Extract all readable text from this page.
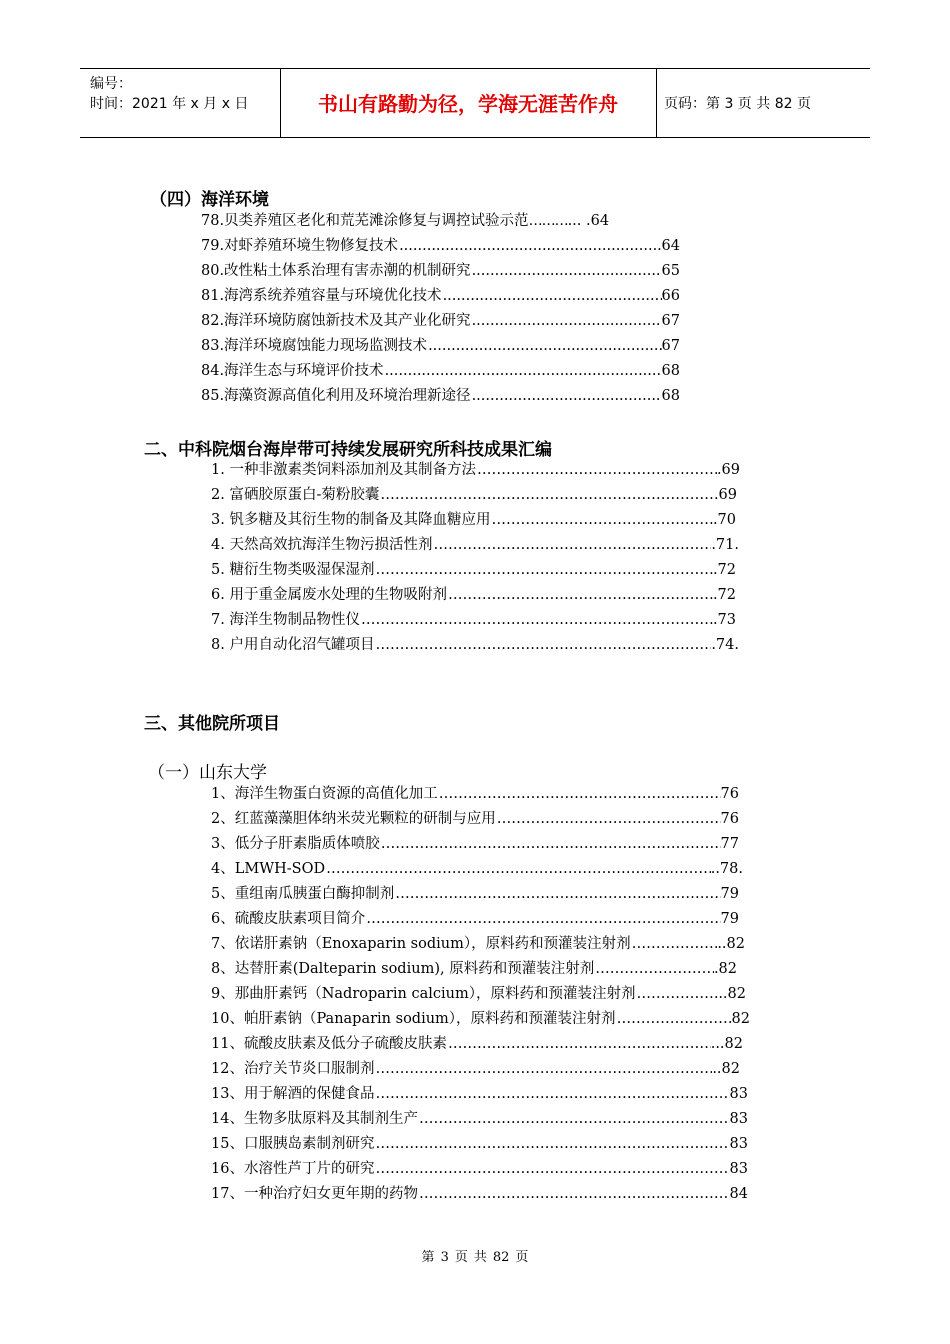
编号：
时间：2021 年 x 月 x 日	书山有路勤为径，学海无涯苦作舟	页码：第 3 页 共 82 页
（四）海洋环境
78.贝类养殖区老化和荒芜滩涂修复与调控试验示范 ……… ... .64
79.对虾养殖环境生物修复技术 .....	64
80.改性粘土体系治理有害赤潮的机制研究 .....	65
81.海湾系统养殖容量与环境优化技术 .....	66
82.海洋环境防腐蚀新技术及其产业化研究 .....	67
83.海洋环境腐蚀能力现场监测技术 .....	67
84.海洋生态与环境评价技术 .....	68
85.海藻资源高值化利用及环境治理新途径 .....	68
二、中科院烟台海岸带可持续发展研究所科技成果汇编
1. 一种非激素类饲料添加剂及其制备方法 ……………………………………………………………………………………………………………………………………………………………………	.69
2. 富硒胶原蛋白-菊粉胶囊 ……………………………………………………………………………………………………………………………………………………………………	69
3. 钒多糖及其衍生物的制备及其降血糖应用 ……………………………………………………………………………………………………………………………………………………………………	.70
4. 天然高效抗海洋生物污损活性剂 ……………………………………………………………………………………………………………………………………………………………………	.71.
5. 糖衍生物类吸湿保湿剂 ……………………………………………………………………………………………………………………………………………………………………	.72
6. 用于重金属废水处理的生物吸附剂 ……………………………………………………………………………………………………………………………………………………………………	.72
7. 海洋生物制品物性仪 ……………………………………………………………………………………………………………………………………………………………………	.73
8. 户用自动化沼气罐项目 ……………………………………………………………………………………………………………………………………………………………………	.74.
三、其他院所项目
（一）山东大学
1、海洋生物蛋白资源的高值化加工 ……………………………………………………………………………………………………………………………………………………………………	76
2、红蓝藻藻胆体纳米荧光颗粒的研制与应用 ……………………………………………………………………………………………………………………………………………………………………	76
3、低分子肝素脂质体喷胶 ……………………………………………………………………………………………………………………………………………………………………	77
4、LMWH-SOD ……………………………………………………………………………………………………………………………………………………………………	..78.
5、重组南瓜胰蛋白酶抑制剂 ……………………………………………………………………………………………………………………………………………………………………	79
6、硫酸皮肤素项目简介 ……………………………………………………………………………………………………………………………………………………………………	79
7、依诺肝素钠（Enoxaparin sodium），原料药和预灌装注射剂 ……………………………………………………………………………………………………………………………………………………………………	..82
8、达替肝素(Dalteparin sodium), 原料药和预灌装注射剂 ……………………………………………………………………………………………………………………………………………………………………	.82
9、那曲肝素钙（Nadroparin calcium），原料药和预灌装注射剂 ……………………………………………………………………………………………………………………………………………………………………	..82
10、帕肝素钠（Panaparin sodium），原料药和预灌装注射剂 ……………………………………………………………………………………………………………………………………………………………………	82
11、硫酸皮肤素及低分子硫酸皮肤素 ……………………………………………………………………………………………………………………………………………………………………	...82
12、治疗关节炎口服制剂 ……………………………………………………………………………………………………………………………………………………………………	..82
13、用于解酒的保健食品 ……………………………………………………………………………………………………………………………………………………………………	83
14、生物多肽原料及其制剂生产 ……………………………………………………………………………………………………………………………………………………………………	83
15、口服胰岛素制剂研究 ……………………………………………………………………………………………………………………………………………………………………	83
16、水溶性芦丁片的研究 ……………………………………………………………………………………………………………………………………………………………………	83
17、一种治疗妇女更年期的药物 ……………………………………………………………………………………………………………………………………………………………………	84
第 3 页 共 82 页
